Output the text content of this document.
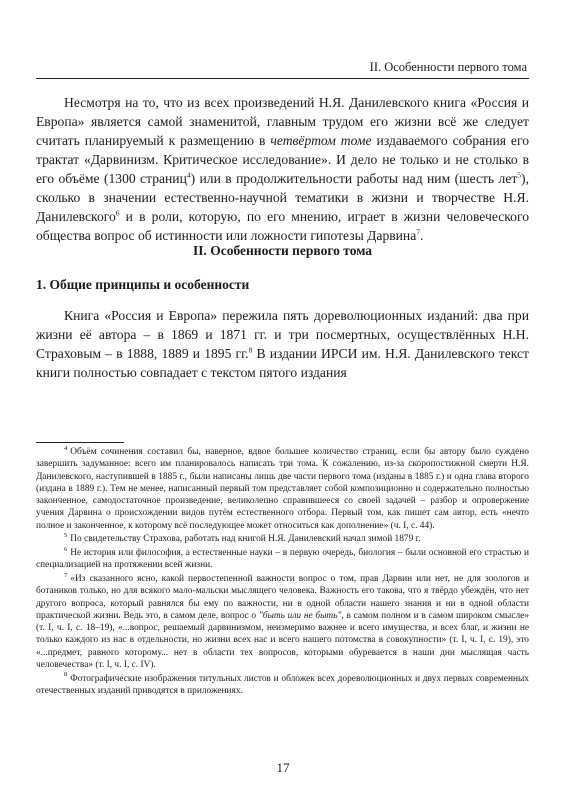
II. Особенности первого тома

Несмотря на то, что из всех произведений Н.Я. Данилевского книга «Россия и Европа» является самой знаменитой, главным трудом его жизни всё же следует считать планируемый к размещению в четвёртом томе издаваемого собрания его трактат «Дарвинизм. Критическое исследование». И дело не только и не столько в его объёме (1300 страниц$^4$) или в продолжительности работы над ним (шесть лет$^5$), сколько в значении естественно-научной тематики в жизни и творчестве Н.Я. Данилевского$^6$ и в роли, которую, по его мнению, играет в жизни человеческого общества вопрос об истинности или ложности гипотезы Дарвина$^7$.

II. Особенности первого тома
1. Общие принципы и особенности

Книга «Россия и Европа» пережила пять дореволюционных изданий: два при жизни её автора – в 1869 и 1871 гг. и три посмертных, осуществлённых Н.Н. Страховым – в 1888, 1889 и 1895 гг.$^8$ В издании ИРСИ им. Н.Я. Данилевского текст книги полностью совпадает с текстом пятого издания

$^4$ Объём сочинения составил бы, наверное, вдвое большее количество страниц, если бы автору было суждено завершить задуманное: всего им планировалось написать три тома. К сожалению, из-за скоропостижной смерти Н.Я. Данилевского, наступившей в 1885 г., были написаны лишь две части первого тома (изданы в 1885 г.) и одна глава второго (издана в 1889 г.). Тем не менее, написанный первый том представляет собой композиционно и содержательно полностью законченное, самодостаточное произведение, великолепно справившееся со своей задачей – разбор и опровержение учения Дарвина о происхождении видов путём естественного отбора. Первый том, как пишет сам автор, есть «нечто полное и законченное, к которому всё последующее может относиться как дополнение» (ч. I, с. 44).

$^5$ По свидетельству Страхова, работать над книгой Н.Я. Данилевский начал зимой 1879 г.

$^6$ Не история или философия, а естественные науки – в первую очередь, биология – были основной его страстью и специализацией на протяжении всей жизни.

$^7$ «Из сказанного ясно, какой первостепенной важности вопрос о том, прав Дарвин или нет, не для зоологов и ботаников только, но для всякого мало-мальски мыслящего человека. Важность его такова, что я твёрдо убеждён, что нет другого вопроса, который равнялся бы ему по важности, ни в одной области нашего знания и ни в одной области практической жизни. Ведь это, в самом деле, вопрос о "быть или не быть", в самом полном и в самом широком смысле» (т. I, ч. I, с. 18–19), «...вопрос, решаемый дарвинизмом, неизмеримо важнее и всего имущества, и всех благ, и жизни не только каждого из нас в отдельности, но жизни всех нас и всего нашего потомства в совокупности» (т. I, ч. I, с. 19), это «...предмет, равного которому... нет в области тех вопросов, которыми обуревается в наши дни мыслящая часть человечества» (т. I, ч. I, с. IV).

$^8$ Фотографические изображения титульных листов и обложек всех дореволюционных и двух первых современных отечественных изданий приводятся в приложениях.

17
